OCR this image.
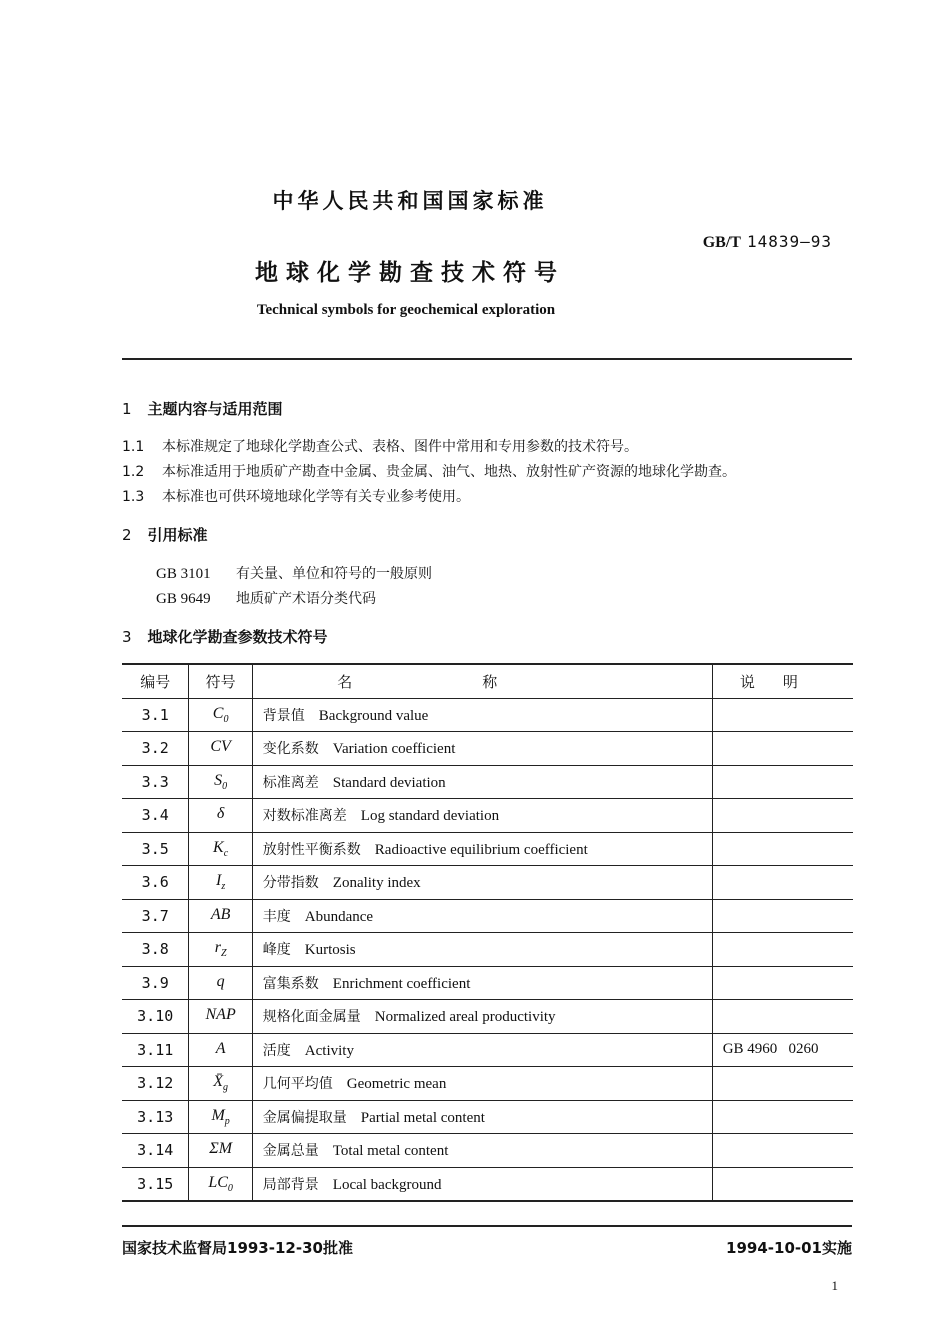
中华人民共和国国家标准
GB/T 14839—93
地球化学勘查技术符号
Technical symbols for geochemical exploration
1 主题内容与适用范围
1.1 本标准规定了地球化学勘查公式、表格、图件中常用和专用参数的技术符号。
1.2 本标准适用于地质矿产勘查中金属、贵金属、油气、地热、放射性矿产资源的地球化学勘查。
1.3 本标准也可供环境地球化学等有关专业参考使用。
2 引用标准
GB 3101 有关量、单位和符号的一般原则
GB 9649 地质矿产术语分类代码
3 地球化学勘查参数技术符号
编号	符号	名称	说明
3.1	$C_0$	背景值 Background value	
3.2	CV	变化系数 Variation coefficient	
3.3	$S_0$	标准离差 Standard deviation	
3.4	δ	对数标准离差 Log standard deviation	
3.5	$K_c$	放射性平衡系数 Radioactive equilibrium coefficient	
3.6	$I_z$	分带指数 Zonality index	
3.7	AB	丰度 Abundance	
3.8	$r_Z$	峰度 Kurtosis	
3.9	q	富集系数 Enrichment coefficient	
3.10	NAP	规格化面金属量 Normalized areal productivity	
3.11	A	活度 Activity	GB 4960   0260
3.12	$X̄_g$	几何平均值 Geometric mean	
3.13	$M_p$	金属偏提取量 Partial metal content	
3.14	ΣM	金属总量 Total metal content	
3.15	$LC_0$	局部背景 Local background	
国家技术监督局1993-12-30批准	1994-10-01实施
1
